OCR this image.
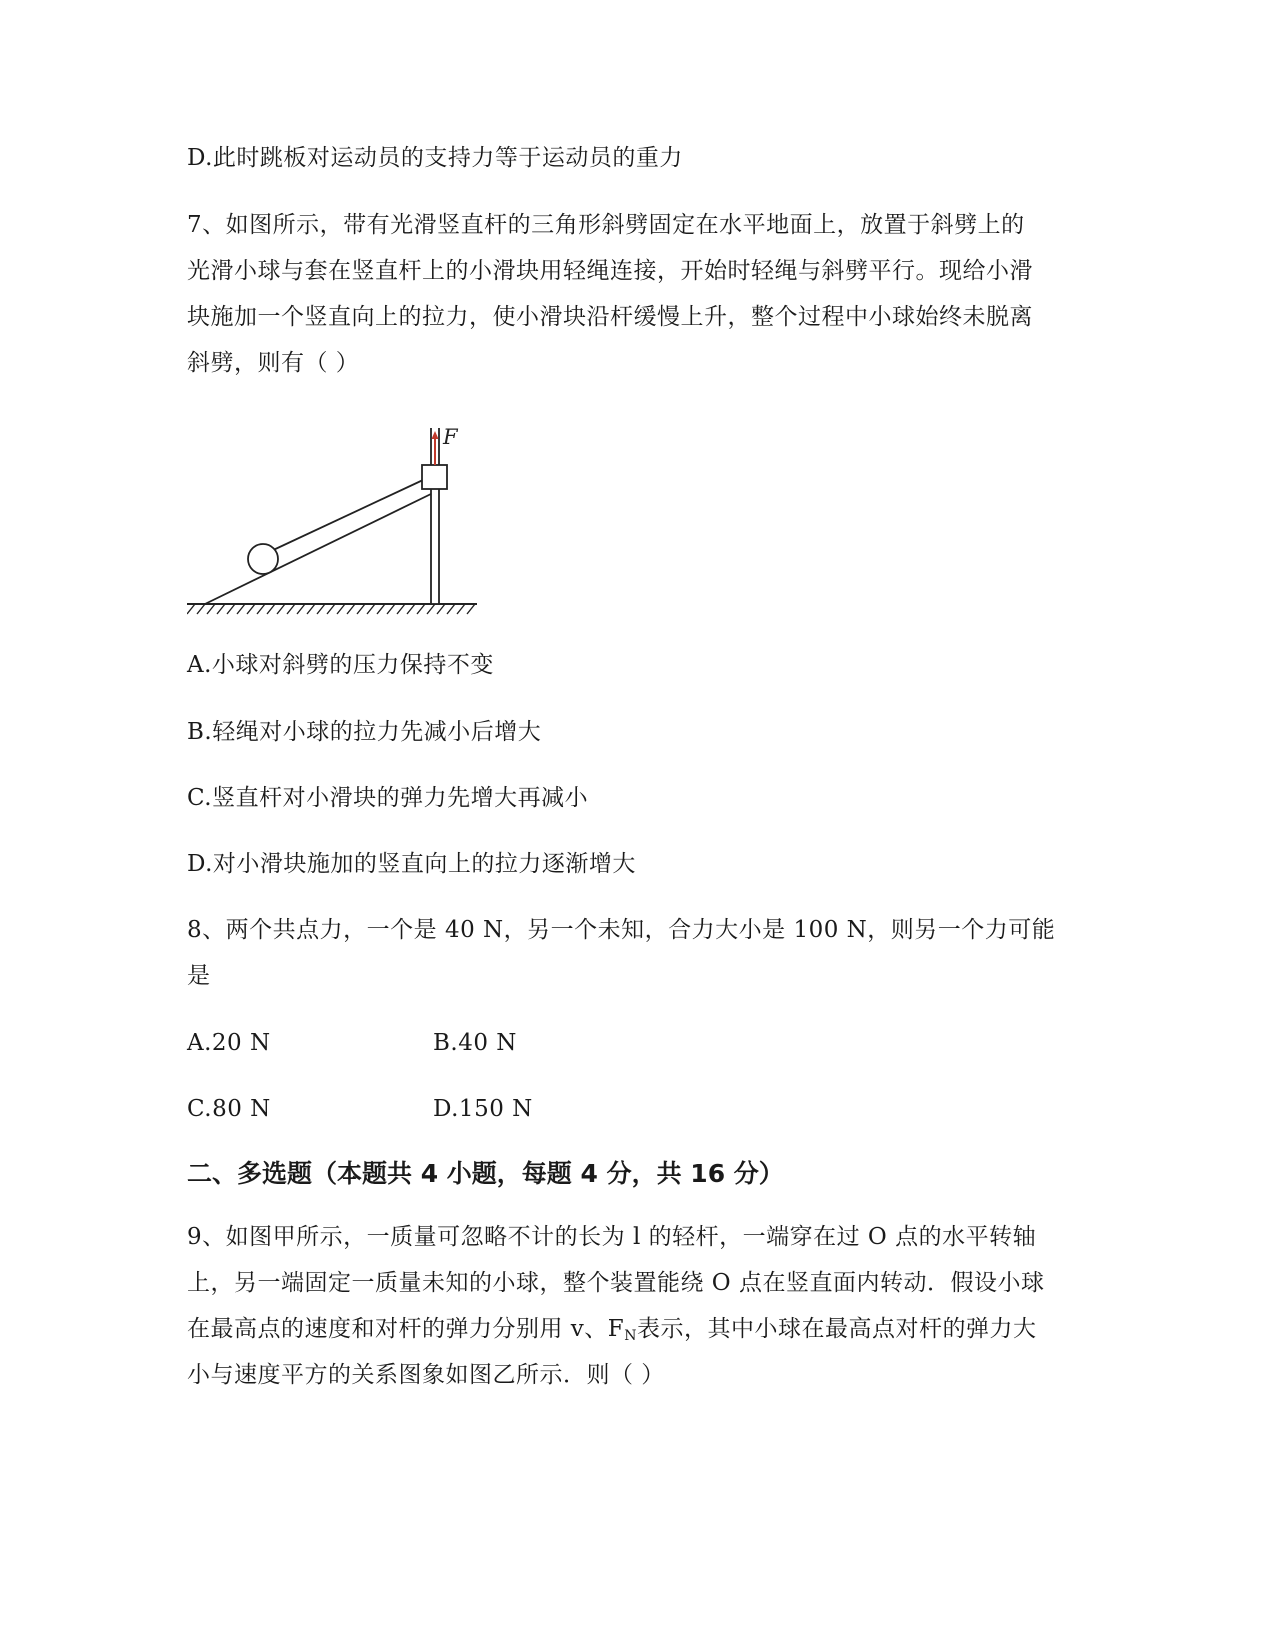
D.此时跳板对运动员的支持力等于运动员的重力
7、如图所示，带有光滑竖直杆的三角形斜劈固定在水平地面上，放置于斜劈上的
光滑小球与套在竖直杆上的小滑块用轻绳连接，开始时轻绳与斜劈平行。现给小滑
块施加一个竖直向上的拉力，使小滑块沿杆缓慢上升，整个过程中小球始终未脱离
斜劈，则有（ ）
F
A.小球对斜劈的压力保持不变
B.轻绳对小球的拉力先减小后增大
C.竖直杆对小滑块的弹力先增大再减小
D.对小滑块施加的竖直向上的拉力逐渐增大
8、两个共点力，一个是 40 N，另一个未知，合力大小是 100 N，则另一个力可能
是
A.20 N	B.40 N
C.80 N	D.150 N
二、多选题（本题共 4 小题，每题 4 分，共 16 分）
9、如图甲所示，一质量可忽略不计的长为 l 的轻杆，一端穿在过 O 点的水平转轴
上，另一端固定一质量未知的小球，整个装置能绕 O 点在竖直面内转动．假设小球
在最高点的速度和对杆的弹力分别用 v、$F_N$表示，其中小球在最高点对杆的弹力大
小与速度平方的关系图象如图乙所示．则（ ）
